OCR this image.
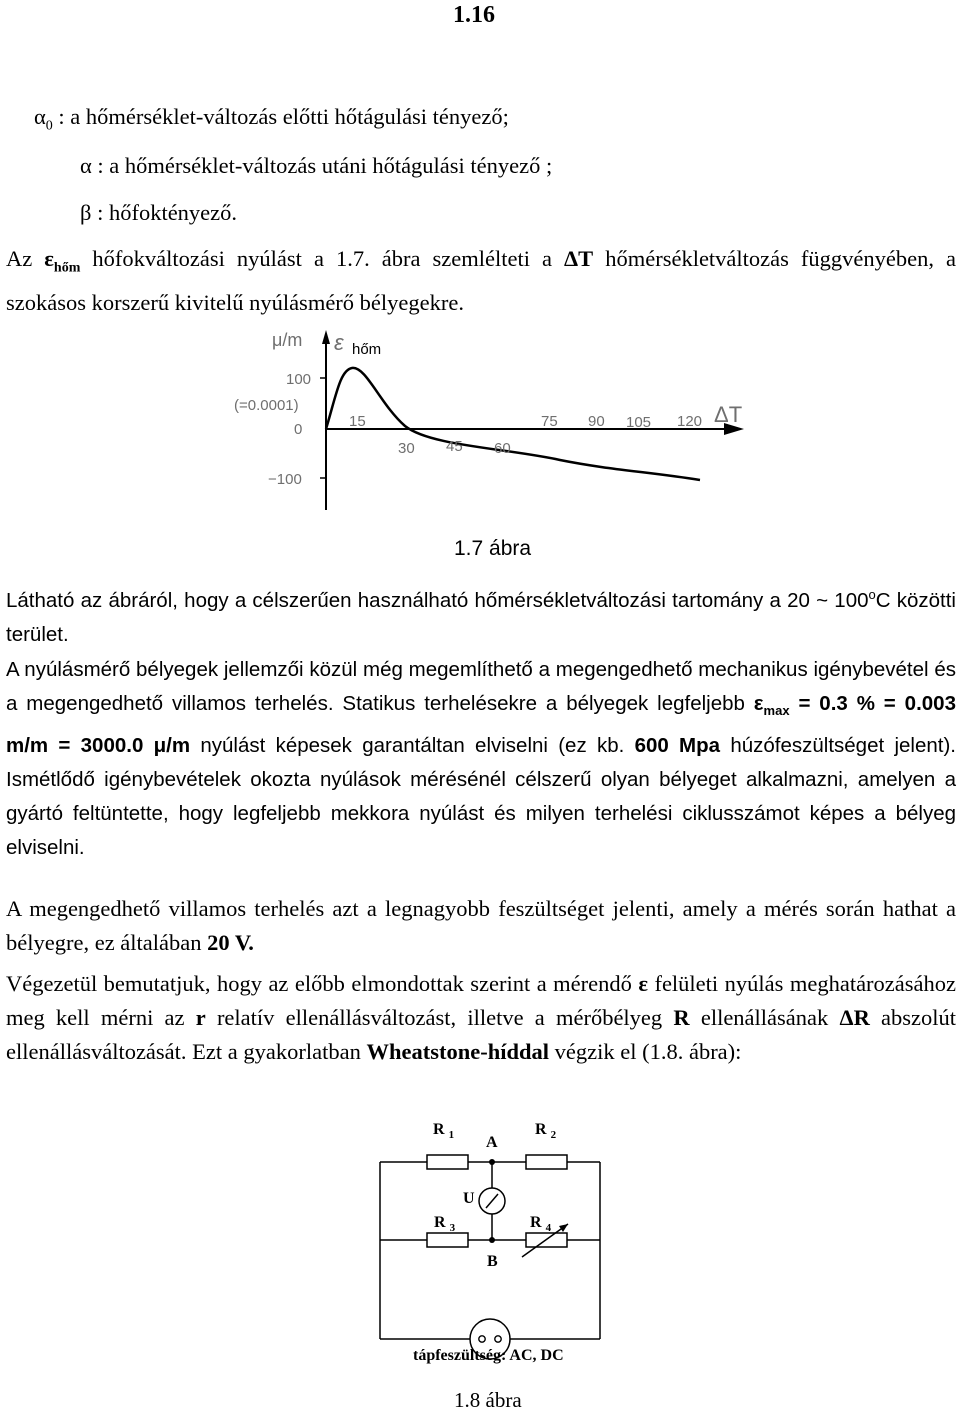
1.16
$\alpha_0$ : a hőmérséklet-változás előtti hőtágulási tényező;
α : a hőmérséklet-változás utáni hőtágulási tényező ;
β : hőfoktényező.
Az $\varepsilon_{hőm}$ hőfokváltozási nyúlást a 1.7. ábra szemlélteti a ΔT hőmérsékletváltozás függvényében, a szokásos korszerű kivitelű nyúlásmérő bélyegekre.
μ/m ε hőm
100
(=0.0001)
0
−100
15
30 45 60
75 90 105 120 ΔT
1.7 ábra
Látható az ábráról, hogy a célszerűen használható hőmérsékletváltozási tartomány a 20 ~ 100$^o$C közötti terület.
A nyúlásmérő bélyegek jellemzői közül még megemlíthető a megengedhető mechanikus igénybevétel és a megengedhető villamos terhelés. Statikus terhelésekre a bélyegek legfeljebb $\varepsilon_{max} = 0.3$ % = 0.003 m/m = 3000.0 μ/m nyúlást képesek garantáltan elviselni (ez kb. 600 Mpa húzófeszültséget jelent). Ismétlődő igénybevételek okozta nyúlások mérésénél célszerű olyan bélyeget alkalmazni, amelyen a gyártó feltüntette, hogy legfeljebb mekkora nyúlást és milyen terhelési ciklusszámot képes a bélyeg elviselni.
A megengedhető villamos terhelés azt a legnagyobb feszültséget jelenti, amely a mérés során hathat a bélyegre, ez általában 20 V.
Végezetül bemutatjuk, hogy az előbb elmondottak szerint a mérendő ε felületi nyúlás meghatározásához meg kell mérni az r relatív ellenállásváltozást, illetve a mérőbélyeg R ellenállásának ΔR abszolút ellenállásváltozását. Ezt a gyakorlatban Wheatstone-híddal végzik el (1.8. ábra):
R $_1$	R $_2$
A
U
R $_3$	R $_4$
B
tápfeszültség: AC, DC
1.8 ábra
